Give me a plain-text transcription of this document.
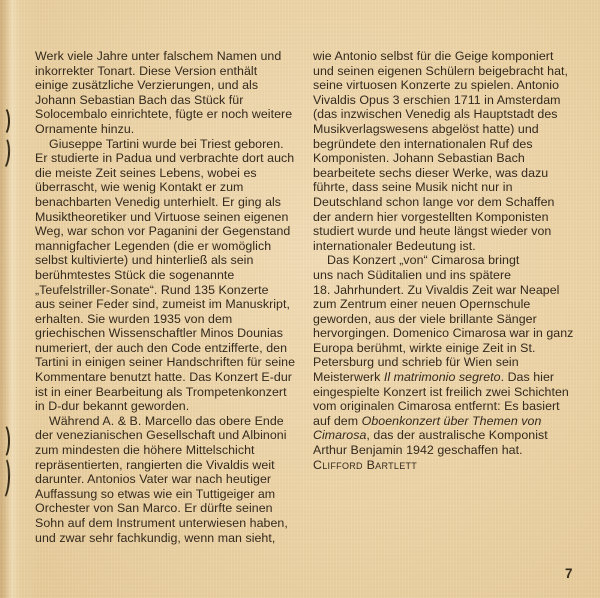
Werk viele Jahre unter falschem Namen und
inkorrekter Tonart. Diese Version enthält
einige zusätzliche Verzierungen, und als
Johann Sebastian Bach das Stück für
Solocembalo einrichtete, fügte er noch weitere
Ornamente hinzu.
Giuseppe Tartini wurde bei Triest geboren.
Er studierte in Padua und verbrachte dort auch
die meiste Zeit seines Lebens, wobei es
überrascht, wie wenig Kontakt er zum
benachbarten Venedig unterhielt. Er ging als
Musiktheoretiker und Virtuose seinen eigenen
Weg, war schon vor Paganini der Gegenstand
mannigfacher Legenden (die er womöglich
selbst kultivierte) und hinterließ als sein
berühmtestes Stück die sogenannte
„Teufelstriller-Sonate“. Rund 135 Konzerte
aus seiner Feder sind, zumeist im Manuskript,
erhalten. Sie wurden 1935 von dem
griechischen Wissenschaftler Minos Dounias
numeriert, der auch den Code entzifferte, den
Tartini in einigen seiner Handschriften für seine
Kommentare benutzt hatte. Das Konzert E-dur
ist in einer Bearbeitung als Trompetenkonzert
in D-dur bekannt geworden.
Während A. & B. Marcello das obere Ende
der venezianischen Gesellschaft und Albinoni
zum mindesten die höhere Mittelschicht
repräsentierten, rangierten die Vivaldis weit
darunter. Antonios Vater war nach heutiger
Auffassung so etwas wie ein Tuttigeiger am
Orchester von San Marco. Er dürfte seinen
Sohn auf dem Instrument unterwiesen haben,
und zwar sehr fachkundig, wenn man sieht,
wie Antonio selbst für die Geige komponiert
und seinen eigenen Schülern beigebracht hat,
seine virtuosen Konzerte zu spielen. Antonio
Vivaldis Opus 3 erschien 1711 in Amsterdam
(das inzwischen Venedig als Hauptstadt des
Musikverlagswesens abgelöst hatte) und
begründete den internationalen Ruf des
Komponisten. Johann Sebastian Bach
bearbeitete sechs dieser Werke, was dazu
führte, dass seine Musik nicht nur in
Deutschland schon lange vor dem Schaffen
der andern hier vorgestellten Komponisten
studiert wurde und heute längst wieder von
internationaler Bedeutung ist.
Das Konzert „von“ Cimarosa bringt
uns nach Süditalien und ins spätere
18. Jahrhundert. Zu Vivaldis Zeit war Neapel
zum Zentrum einer neuen Opernschule
geworden, aus der viele brillante Sänger
hervorgingen. Domenico Cimarosa war in ganz
Europa berühmt, wirkte einige Zeit in St.
Petersburg und schrieb für Wien sein
Meisterwerk Il matrimonio segreto. Das hier
eingespielte Konzert ist freilich zwei Schichten
vom originalen Cimarosa entfernt: Es basiert
auf dem Oboenkonzert über Themen von
Cimarosa, das der australische Komponist
Arthur Benjamin 1942 geschaffen hat.
Clifford Bartlett
7
